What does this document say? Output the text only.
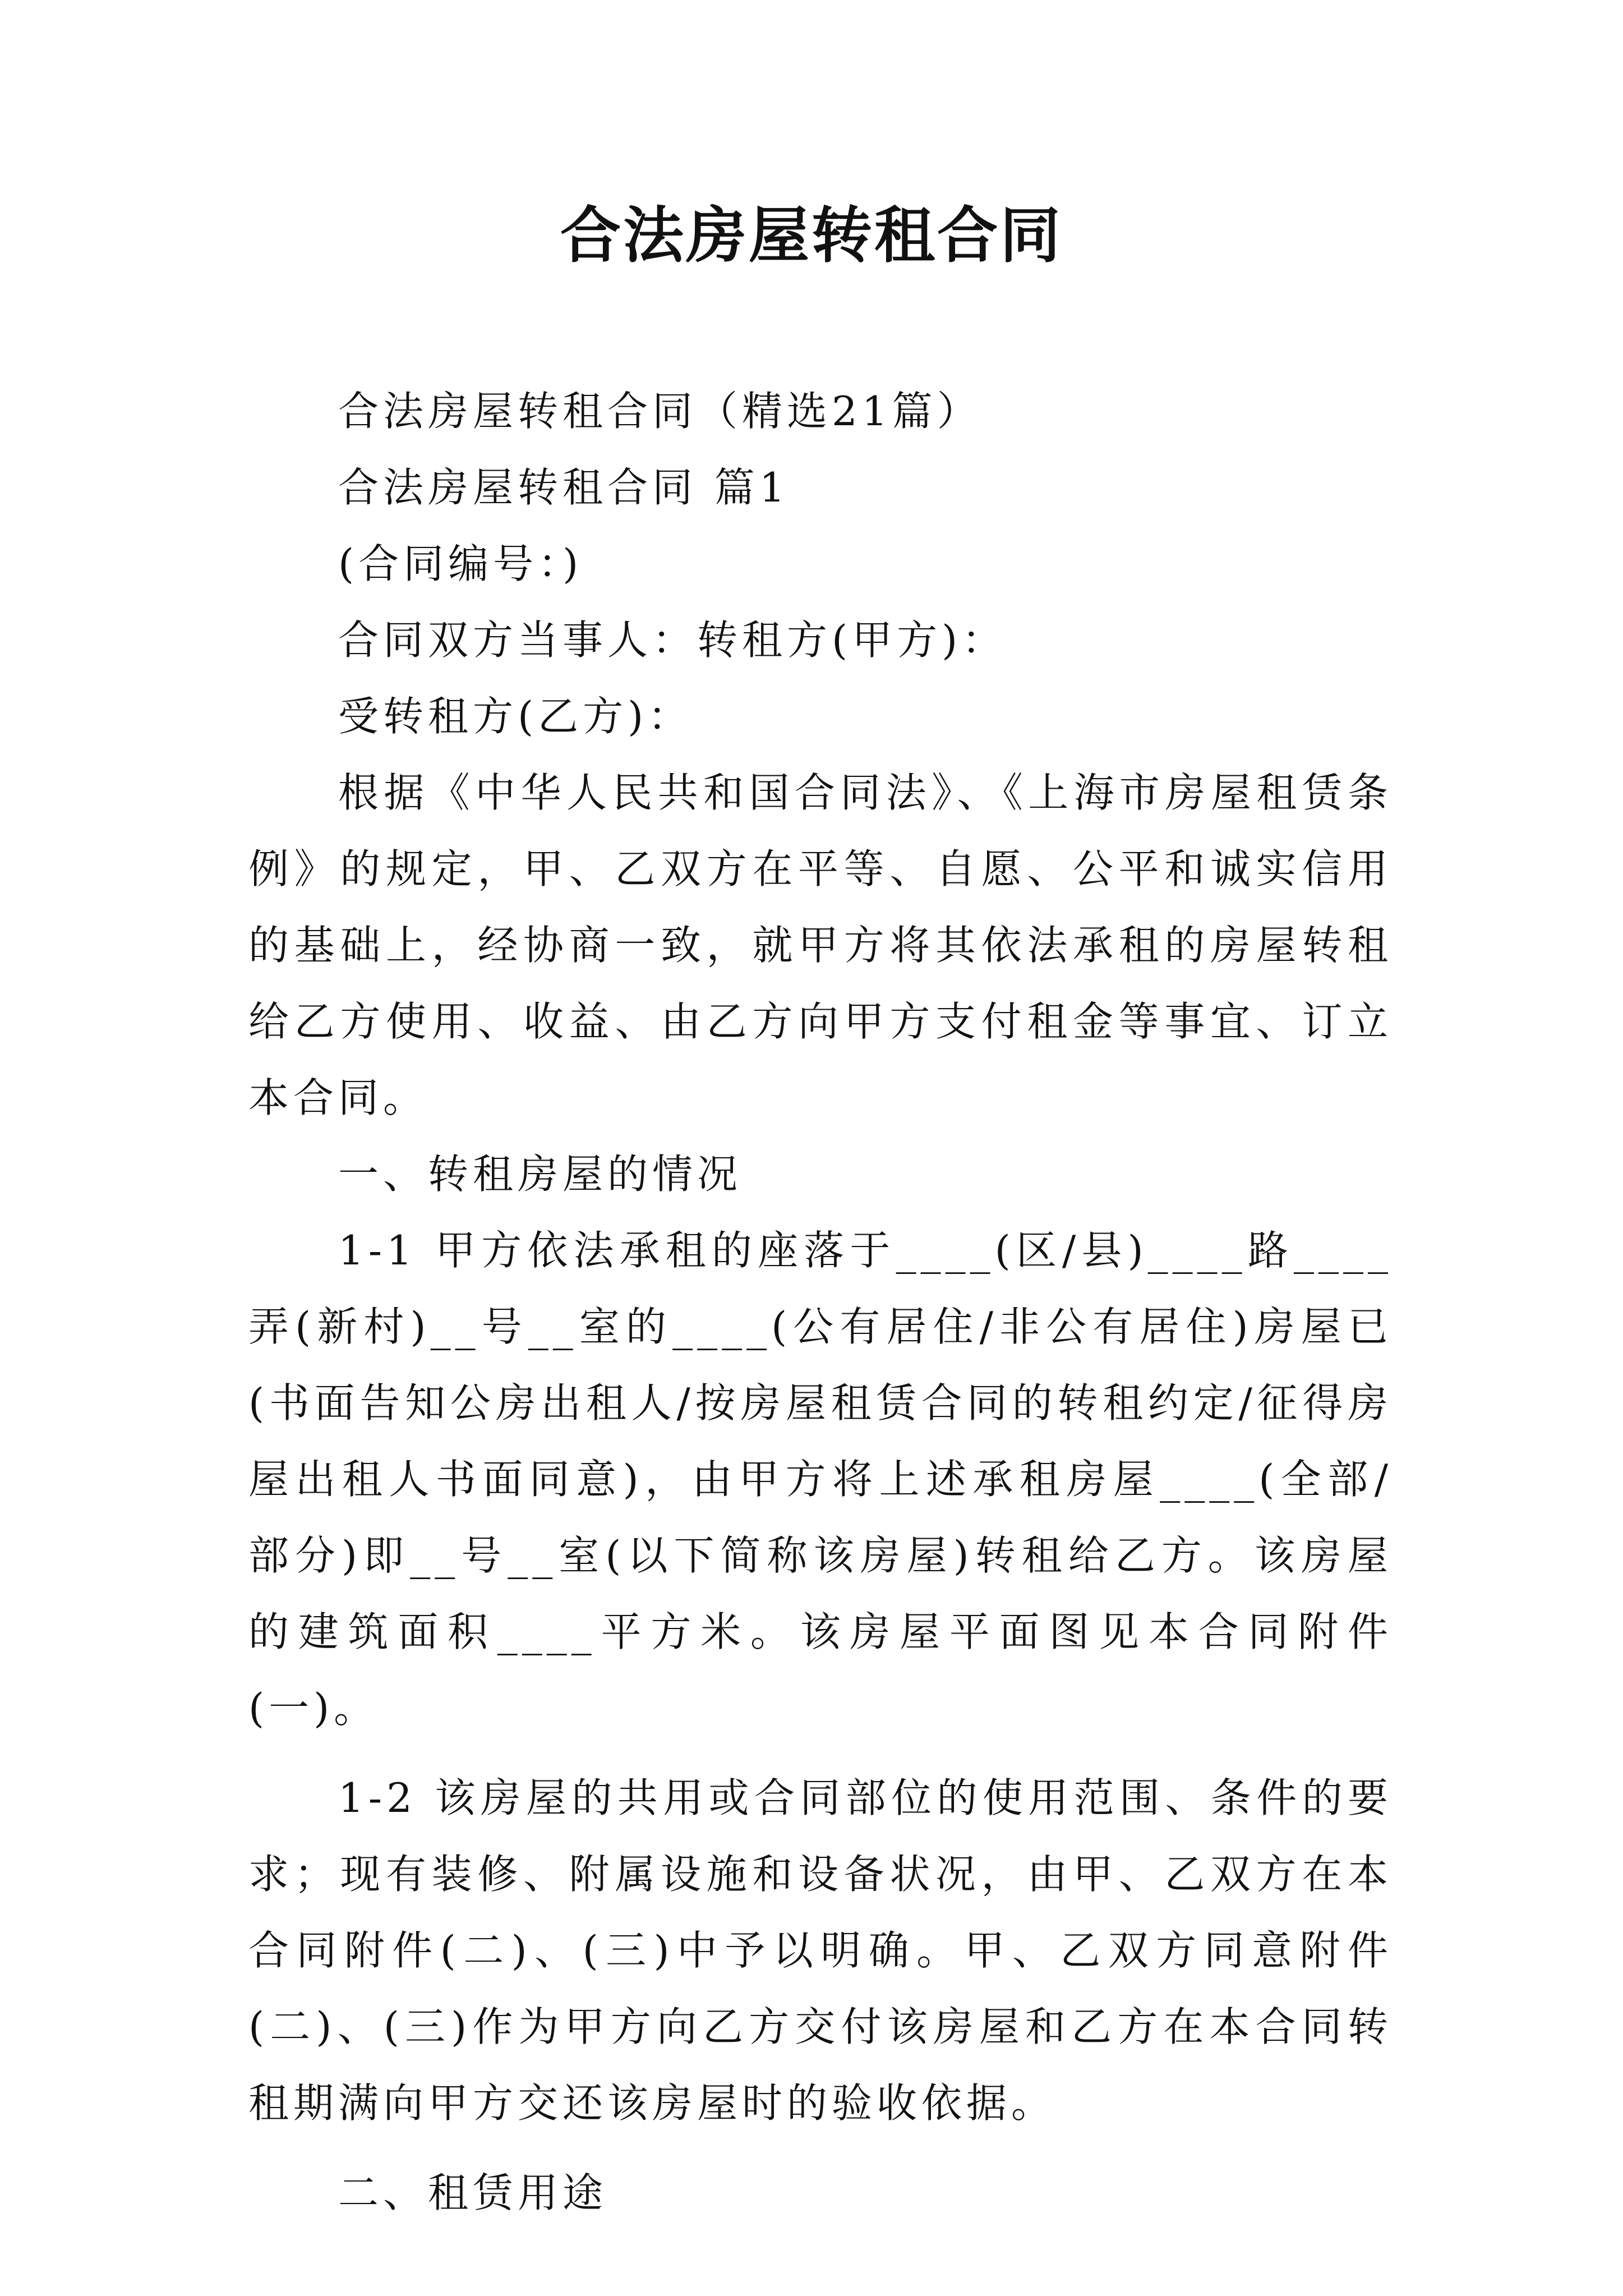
合法房屋转租合同

合法房屋转租合同（精选21篇）

合法房屋转租合同 篇1

(合同编号：)

合同双方当事人：转租方(甲方)：

受转租方(乙方)：

根据《中华人民共和国合同法》、《上海市房屋租赁条例》的规定，甲、乙双方在平等、自愿、公平和诚实信用的基础上，经协商一致，就甲方将其依法承租的房屋转租给乙方使用、收益、由乙方向甲方支付租金等事宜、订立本合同。

一、转租房屋的情况

1-1 甲方依法承租的座落于____(区/县)____路____弄(新村)__号__室的____(公有居住/非公有居住)房屋已(书面告知公房出租人/按房屋租赁合同的转租约定/征得房屋出租人书面同意)，由甲方将上述承租房屋____(全部/部分)即__号__室(以下简称该房屋)转租给乙方。该房屋的建筑面积____平方米。该房屋平面图见本合同附件(一)。

1-2 该房屋的共用或合同部位的使用范围、条件的要求；现有装修、附属设施和设备状况，由甲、乙双方在本合同附件(二)、(三)中予以明确。甲、乙双方同意附件(二)、(三)作为甲方向乙方交付该房屋和乙方在本合同转租期满向甲方交还该房屋时的验收依据。

二、租赁用途
